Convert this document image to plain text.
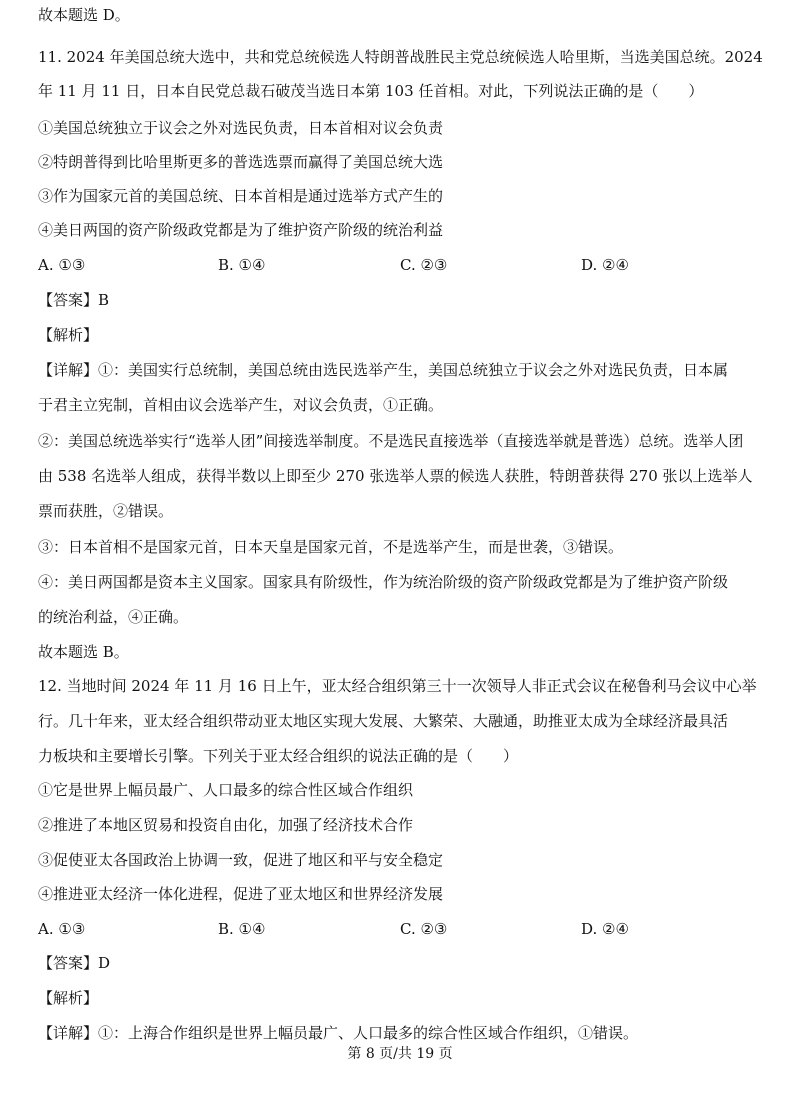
故本题选 D。
11. 2024 年美国总统大选中，共和党总统候选人特朗普战胜民主党总统候选人哈里斯，当选美国总统。2024
年 11 月 11 日，日本自民党总裁石破茂当选日本第 103 任首相。对此，下列说法正确的是（　　）
①美国总统独立于议会之外对选民负责，日本首相对议会负责
②特朗普得到比哈里斯更多的普选选票而赢得了美国总统大选
③作为国家元首的美国总统、日本首相是通过选举方式产生的
④美日两国的资产阶级政党都是为了维护资产阶级的统治利益
A. ①③	B. ①④	C. ②③	D. ②④
【答案】B
【解析】
【详解】①：美国实行总统制，美国总统由选民选举产生，美国总统独立于议会之外对选民负责，日本属
于君主立宪制，首相由议会选举产生，对议会负责，①正确。
②：美国总统选举实行“选举人团”间接选举制度。不是选民直接选举（直接选举就是普选）总统。选举人团
由 538 名选举人组成，获得半数以上即至少 270 张选举人票的候选人获胜，特朗普获得 270 张以上选举人
票而获胜，②错误。
③：日本首相不是国家元首，日本天皇是国家元首，不是选举产生，而是世袭，③错误。
④：美日两国都是资本主义国家。国家具有阶级性，作为统治阶级的资产阶级政党都是为了维护资产阶级
的统治利益，④正确。
故本题选 B。
12. 当地时间 2024 年 11 月 16 日上午，亚太经合组织第三十一次领导人非正式会议在秘鲁利马会议中心举
行。几十年来，亚太经合组织带动亚太地区实现大发展、大繁荣、大融通，助推亚太成为全球经济最具活
力板块和主要增长引擎。下列关于亚太经合组织的说法正确的是（　　）
①它是世界上幅员最广、人口最多的综合性区域合作组织
②推进了本地区贸易和投资自由化，加强了经济技术合作
③促使亚太各国政治上协调一致，促进了地区和平与安全稳定
④推进亚太经济一体化进程，促进了亚太地区和世界经济发展
A. ①③	B. ①④	C. ②③	D. ②④
【答案】D
【解析】
【详解】①：上海合作组织是世界上幅员最广、人口最多的综合性区域合作组织，①错误。
第 8 页/共 19 页
